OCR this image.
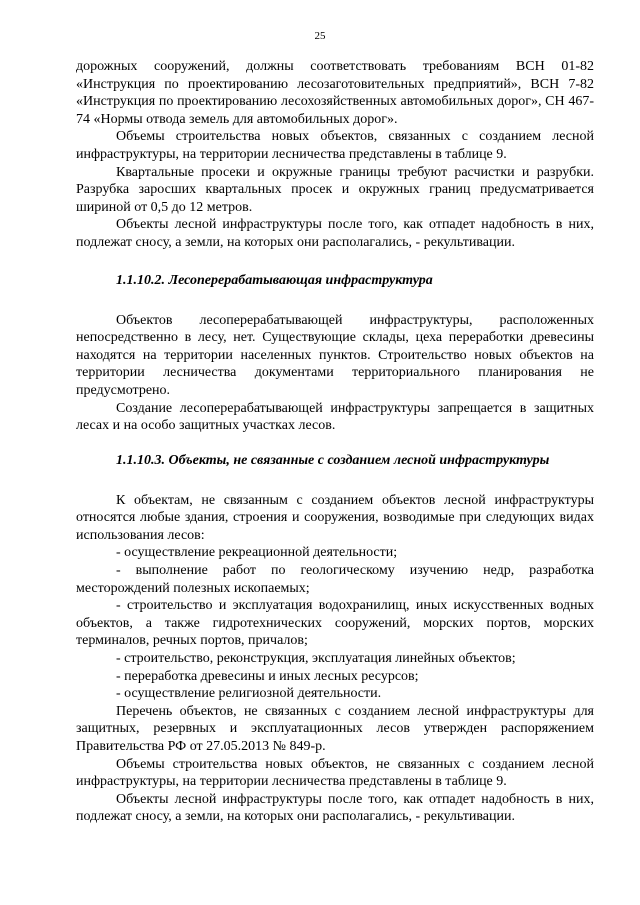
25

дорожных сооружений, должны соответствовать требованиям ВСН 01-82 «Инструкция по проектированию лесозаготовительных предприятий», ВСН 7-82 «Инструкция по проектированию лесохозяйственных автомобильных дорог», СН 467-74 «Нормы отвода земель для автомобильных дорог».

Объемы строительства новых объектов, связанных с созданием лесной инфраструктуры, на территории лесничества представлены в таблице 9.

Квартальные просеки и окружные границы требуют расчистки и разрубки. Разрубка заросших квартальных просек и окружных границ предусматривается шириной от 0,5 до 12 метров.

Объекты лесной инфраструктуры после того, как отпадет надобность в них, подлежат сносу, а земли, на которых они располагались, - рекультивации.

1.1.10.2. Лесоперерабатывающая инфраструктура

Объектов лесоперерабатывающей инфраструктуры, расположенных непосредственно в лесу, нет. Существующие склады, цеха переработки древесины находятся на территории населенных пунктов. Строительство новых объектов на территории лесничества документами территориального планирования не предусмотрено.

Создание лесоперерабатывающей инфраструктуры запрещается в защитных лесах и на особо защитных участках лесов.

1.1.10.3. Объекты, не связанные с созданием лесной инфраструктуры

К объектам, не связанным с созданием объектов лесной инфраструктуры относятся любые здания, строения и сооружения, возводимые при следующих видах использования лесов:

- осуществление рекреационной деятельности;

- выполнение работ по геологическому изучению недр, разработка месторождений полезных ископаемых;

- строительство и эксплуатация водохранилищ, иных искусственных водных объектов, а также гидротехнических сооружений, морских портов, морских терминалов, речных портов, причалов;

- строительство, реконструкция, эксплуатация линейных объектов;

- переработка древесины и иных лесных ресурсов;

- осуществление религиозной деятельности.

Перечень объектов, не связанных с созданием лесной инфраструктуры для защитных, резервных и эксплуатационных лесов утвержден распоряжением Правительства РФ от 27.05.2013 № 849-р.

Объемы строительства новых объектов, не связанных с созданием лесной инфраструктуры, на территории лесничества представлены в таблице 9.

Объекты лесной инфраструктуры после того, как отпадет надобность в них, подлежат сносу, а земли, на которых они располагались, - рекультивации.
